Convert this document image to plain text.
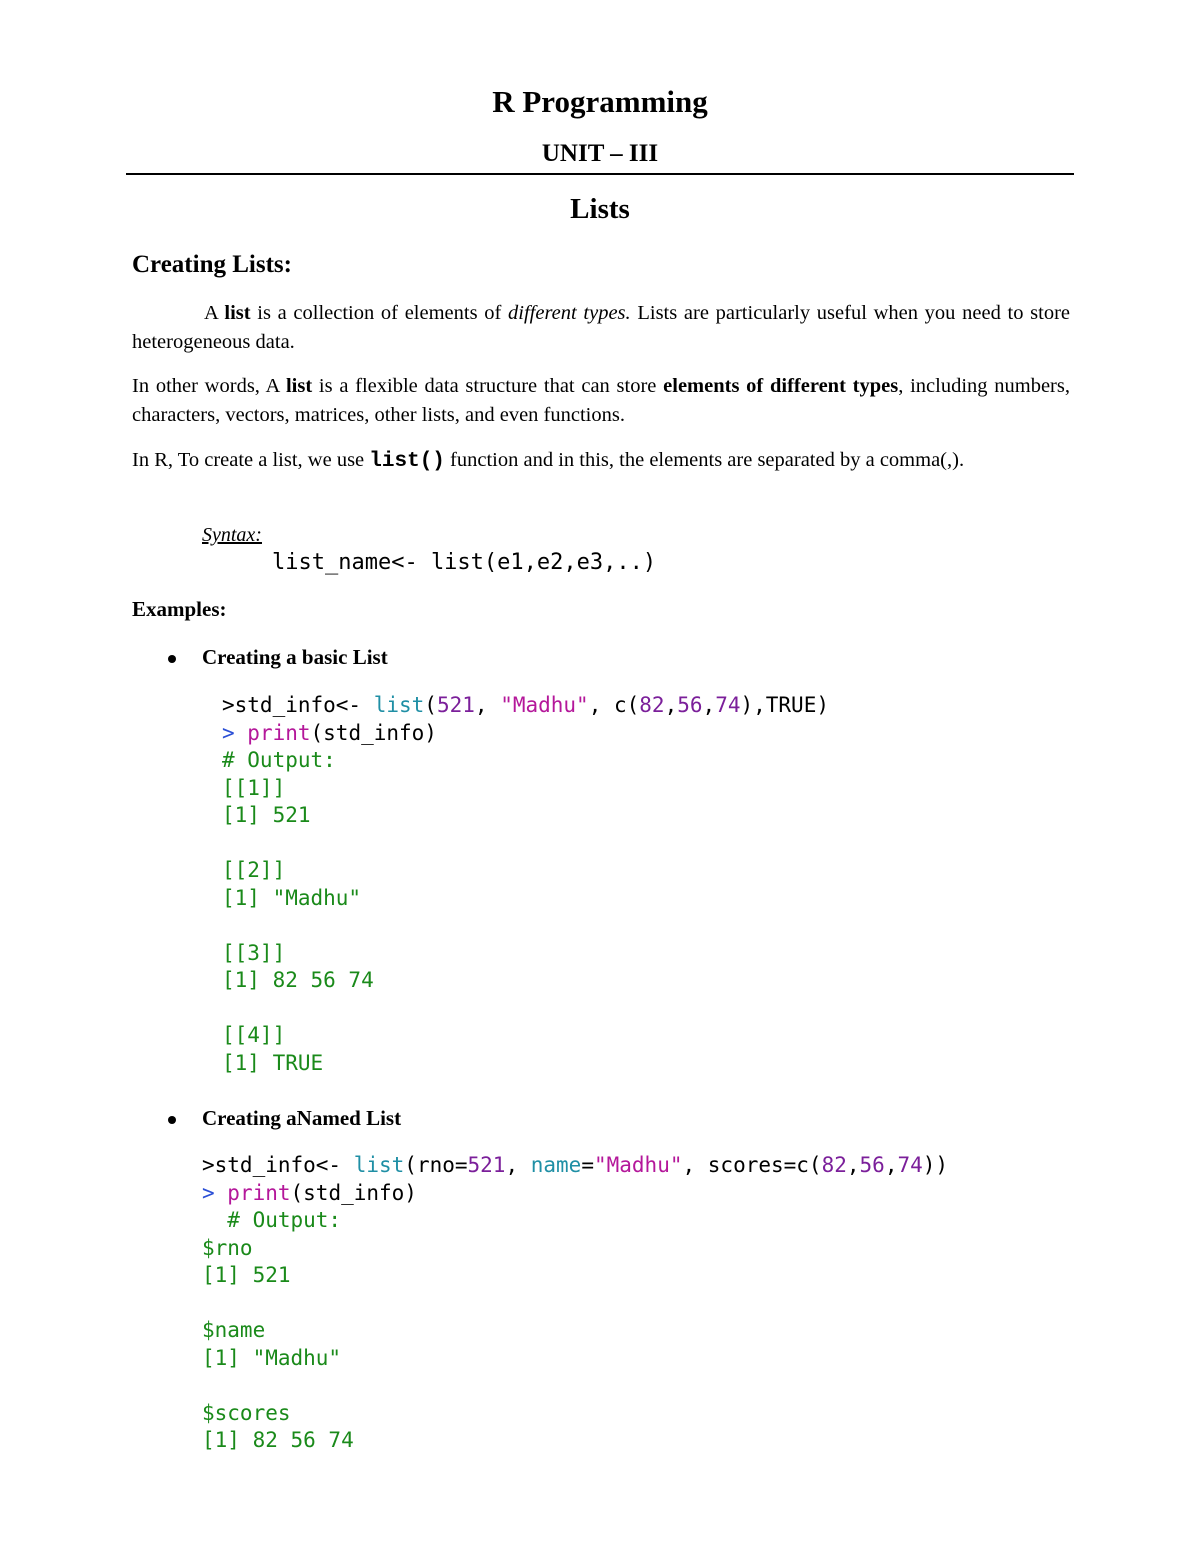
R Programming
UNIT – III
Lists
Creating Lists:
A list is a collection of elements of different types. Lists are particularly useful when you need to store heterogeneous data.
In other words, A list is a flexible data structure that can store elements of different types, including numbers, characters, vectors, matrices, other lists, and even functions.
In R, To create a list, we use list() function and in this, the elements are separated by a comma(,).
Syntax:
list_name<- list(e1,e2,e3,..)
Examples:
Creating a basic List
>std_info<- list(521, "Madhu", c(82,56,74),TRUE)
> print(std_info)
# Output:
[[1]]
[1] 521

[[2]]
[1] "Madhu"

[[3]]
[1] 82 56 74

[[4]]
[1] TRUE
Creating aNamed List
>std_info<- list(rno=521, name="Madhu", scores=c(82,56,74))
> print(std_info)
# Output:
$rno
[1] 521

$name
[1] "Madhu"

$scores
[1] 82 56 74
